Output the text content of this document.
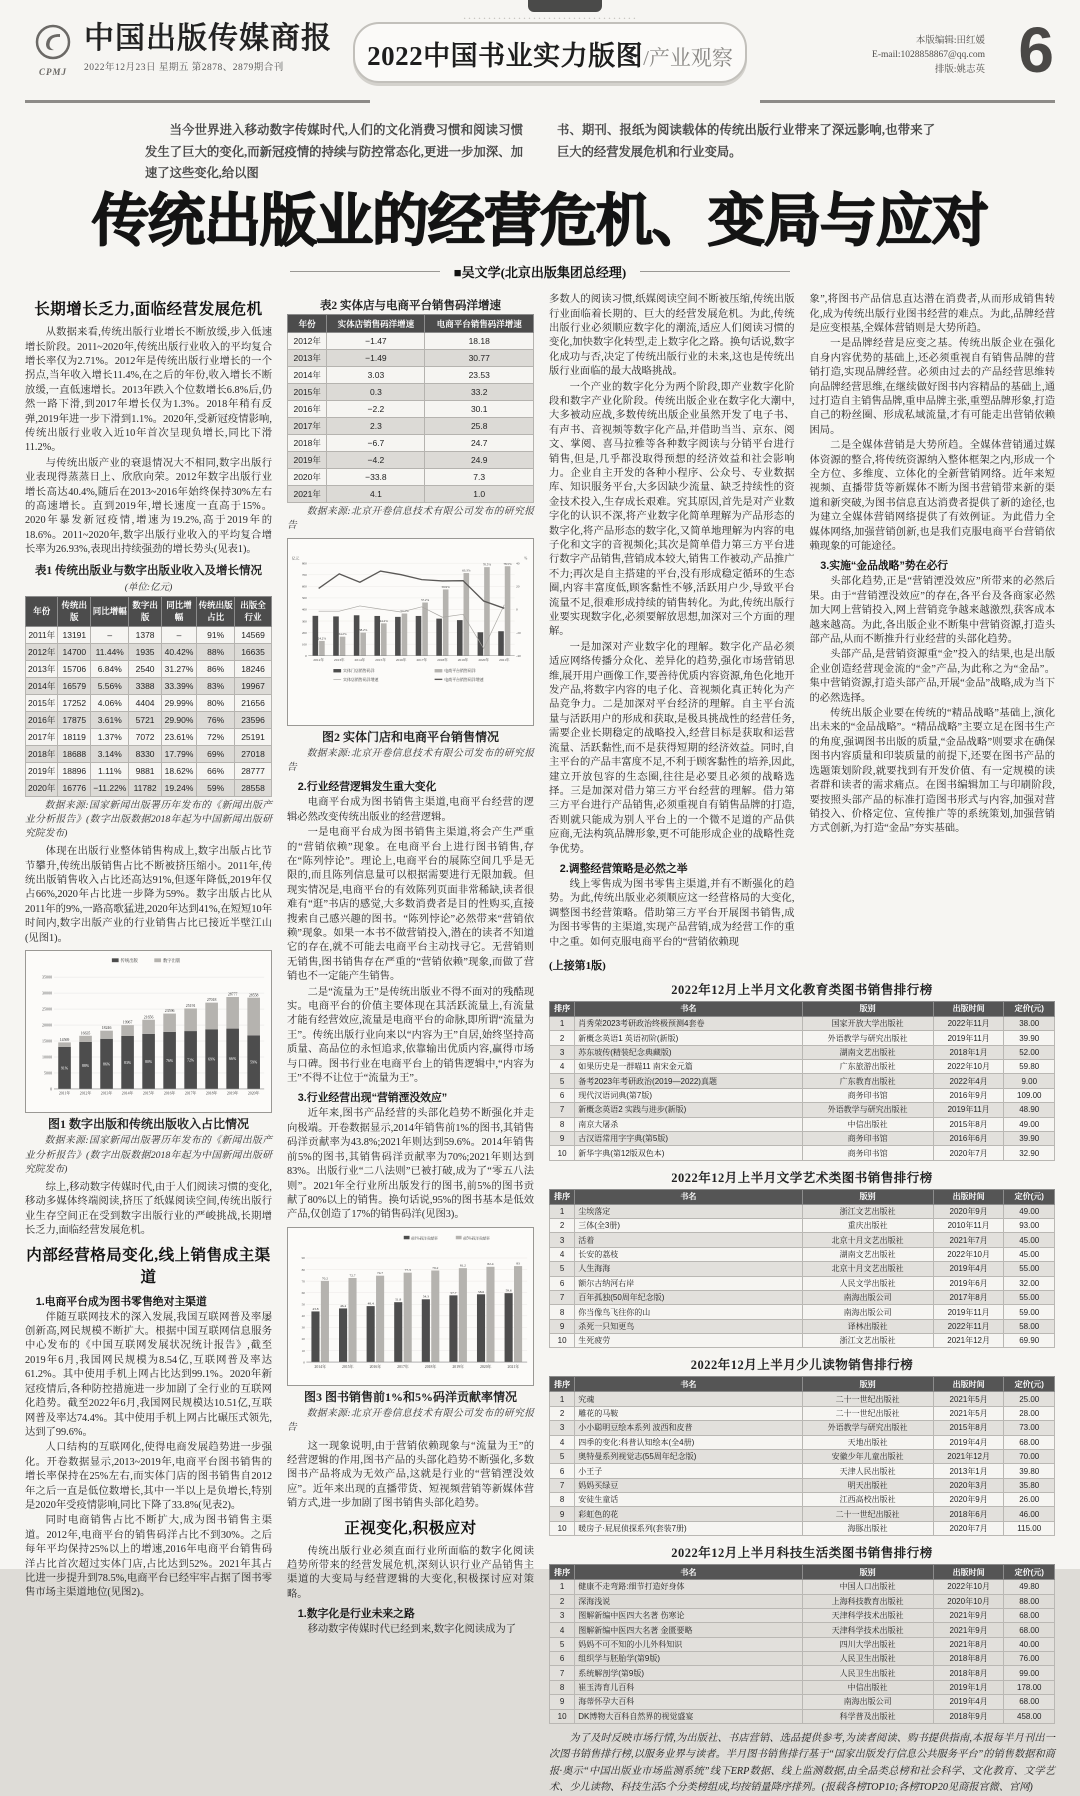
CPMJ
中国出版传媒商报
2022年12月23日 星期五 第2878、2879期合刊	····· 2022中国书业实力版图/产业观察
本版编辑:田红媛
E-mail:1028858867@qq.com
排版:姚志英 6

当今世界进入移动数字传媒时代,人们的文化消费习惯和阅读习惯发生了巨大的变化,而新冠疫情的持续与防控常态化,更进一步加深、加速了这些变化,给以图

书、期刊、报纸为阅读载体的传统出版行业带来了深远影响,也带来了巨大的经营发展危机和行业变局。

传统出版业的经营危机、变局与应对
■吴文学(北京出版集团总经理)
长期增长乏力,面临经营发展危机

从数据来看,传统出版行业增长不断放缓,步入低速增长阶段。2011~2020年,传统出版行业收入的平均复合增长率仅为2.71%。2012年是传统出版行业增长的一个拐点,当年收入增长11.4%,在之后的年份,收入增长不断放缓,一直低速增长。2013年跌入个位数增长6.8%后,仍然一路下滑,到2017年增长仅为1.3%。2018年稍有反弹,2019年进一步下滑到1.1%。2020年,受新冠疫情影响,传统出版行业收入近10年首次呈现负增长,同比下滑11.2%。

与传统出版产业的衰退情况大不相同,数字出版行业表现得蒸蒸日上、欣欣向荣。2012年数字出版行业增长高达40.4%,随后在2013~2016年始终保持30%左右的高速增长。直到2019年,增长速度一直高于15%。2020年暴发新冠疫情,增速为19.2%,高于2019年的18.6%。2011~2020年,数字出版行业收入的平均复合增长率为26.93%,表现出持续强劲的增长势头(见表1)。

表1 传统出版业与数字出版业收入及增长情况
(单位:亿元)
年份	传统出版	同比增幅	数字出版	同比增幅	传统出版占比	出版全行业
2011年	13191	–	1378	–	91%	14569
2012年	14700	11.44%	1935	40.42%	88%	16635
2013年	15706	6.84%	2540	31.27%	86%	18246
2014年	16579	5.56%	3388	33.39%	83%	19967
2015年	17252	4.06%	4404	29.99%	80%	21656
2016年	17875	3.61%	5721	29.90%	76%	23596
2017年	18119	1.37%	7072	23.61%	72%	25191
2018年	18688	3.14%	8330	17.79%	69%	27018
2019年	18896	1.11%	9881	18.62%	66%	28777
2020年	16776	−11.22%	11782	19.24%	59%	28558
数据来源:国家新闻出版署历年发布的《新闻出版产业分析报告》(数字出版数据2018年起为中国新闻出版研究院发布)

体现在出版行业整体销售构成上,数字出版占比节节攀升,传统出版销售占比不断被挤压缩小。2011年,传统出版销售收入占比还高达91%,但逐年降低,2019年仅占66%,2020年占比进一步降为59%。数字出版占比从2011年的9%,一路高歌猛进,2020年达到41%,在短短10年时间内,数字出版产业的行业销售占比已接近半壁江山(见图1)。

0
5000
10000
15000
20000
25000
30000
35000
传统出版	数字出版
14569
91%
2011年
16635
88%
2012年
18246
86%
2013年
19967
83%
2014年
21656
80%
2015年
23596
76%
2016年
25191
72%
2017年
27018
69%
2018年
28777
66%
2019年
28558
59%
2020年
图1 数字出版和传统出版收入占比情况
数据来源:国家新闻出版署历年发布的《新闻出版产业分析报告》(数字出版数据2018年起为中国新闻出版研究院发布)

综上,移动数字传媒时代,由于人们阅读习惯的变化,移动多媒体终端阅读,挤压了纸媒阅读空间,传统出版行业生存空间正在受到数字出版行业的严峻挑战,长期增长乏力,面临经营发展危机。

内部经营格局变化,线上销售成主渠道
1.电商平台成为图书零售绝对主渠道

伴随互联网技术的深入发展,我国互联网普及率屡创新高,网民规模不断扩大。根据中国互联网信息服务中心发布的《中国互联网发展状况统计报告》,截至2019年6月,我国网民规模为8.54亿,互联网普及率达61.2%。其中使用手机上网占比达到99.1%。2020年新冠疫情后,各种防控措施进一步加剧了全行业的互联网化趋势。截至2022年6月,我国网民规模达10.51亿,互联网普及率达74.4%。其中使用手机上网占比碾压式领先,达到了99.6%。

人口结构的互联网化,使得电商发展趋势进一步强化。开卷数据显示,2013~2019年,电商平台图书销售的增长率保持在25%左右,而实体门店的图书销售自2012年之后一直是低位数增长,其中一半以上是负增长,特别是2020年受疫情影响,同比下降了33.8%(见表2)。

同时电商销售占比不断扩大,成为图书销售主渠道。2012年,电商平台的销售码洋占比不到30%。之后每年平均保持25%以上的增速,2016年电商平台销售码洋占比首次超过实体门店,占比达到52%。2021年其占比进一步提升到78.5%,电商平台已经牢牢占据了图书零售市场主渠道地位(见图2)。

表2 实体店与电商平台销售码洋增速
年份	实体店销售码洋增速	电商平台销售码洋增速
2012年	−1.47	18.18
2013年	−1.49	30.77
2014年	3.03	23.53
2015年	0.3	33.2
2016年	−2.2	30.1
2017年	2.3	25.8
2018年	−6.7	24.7
2019年	−4.2	24.9
2020年	−33.8	7.3
2021年	4.1	1.0
数据来源:北京开卷信息技术有限公司发布的研究报告
0
100
200
300
400
500
600
700
800
-40
-20
0
20
40
亿元	%
24.2%
2012年
34.2%
2013年
38.2%
2014年
44.2%
2015年
52.1%
2016年
57.2%
2017年
59.9%
2018年
63.3%
2019年
70.5%
2020年
78.5%
2021年
实体门店销售码洋	电商平台销售码洋
实体店销售码洋增速	电商平台销售码洋增速
图2 实体门店和电商平台销售情况
数据来源:北京开卷信息技术有限公司发布的研究报告
2.行业经营逻辑发生重大变化

电商平台成为图书销售主渠道,电商平台经营的逻辑必然改变传统出版业的经营逻辑。

一是电商平台成为图书销售主渠道,将会产生严重的“营销依赖”现象。在电商平台上进行图书销售,存在“陈列悖论”。理论上,电商平台的展陈空间几乎是无限的,而且陈列信息量可以根据需要进行无限加载。但现实情况是,电商平台的有效陈列页面非常稀缺,读者很难有“逛”书店的感觉,大多数消费者是目的性购买,直接搜索自己感兴趣的图书。“陈列悖论”必然带来“营销依赖”现象。如果一本书不做营销投入,潜在的读者不知道它的存在,就不可能去电商平台主动找寻它。无营销则无销售,图书销售存在严重的“营销依赖”现象,而做了营销也不一定能产生销售。

二是“流量为王”是传统出版业不得不面对的残酷现实。电商平台的价值主要体现在其活跃流量上,有流量才能有经营效应,流量是电商平台的命脉,即所谓“流量为王”。传统出版行业向来以“内容为王”自居,始终坚持高质量、高品位的永恒追求,依靠输出优质内容,赢得市场与口碑。图书行业在电商平台上的销售逻辑中,“内容为王”不得不让位于“流量为王”。

3.行业经营出现“营销湮没效应”

近年来,图书产品经营的头部化趋势不断强化并走向极端。开卷数据显示,2014年销售前1%的图书,其销售码洋贡献率为43.8%;2021年则达到59.6%。2014年销售前5%的图书,其销售码洋贡献率为70%;2021年则达到83%。出版行业“二八法则”已被打破,成为了“零五八法则”。2021年全行业所出版发行的图书,前5%的图书贡献了80%以上的销售。换句话说,95%的图书基本是低效产品,仅创造了17%的销售码洋(见图3)。

0
10
20
30
40
50
60
70
80
90
前1%码洋贡献率	前5%码洋贡献率
43.8
70.2
2014年
46.4
72.7
2015年
48.4
74.7
2016年
51.8
77.3
2017年
54.3
79.2
2018年
57.7
81.2
2019年
58.6
82.4
2020年
59.6
83
2021年
图3 图书销售前1%和5%码洋贡献率情况
数据来源:北京开卷信息技术有限公司发布的研究报告

这一现象说明,由于营销依赖现象与“流量为王”的经营逻辑的作用,图书产品的头部化趋势不断强化,多数图书产品将成为无效产品,这就是行业的“营销湮没效应”。近年来出现的直播带货、短视频营销等新媒体营销方式,进一步加剧了图书销售头部化趋势。

正视变化,积极应对

传统出版行业必须直面行业所面临的数字化阅读趋势所带来的经营发展危机,深刻认识行业产品销售主渠道的大变局与经营逻辑的大变化,积极探讨应对策略。

1.数字化是行业未来之路

移动数字传媒时代已经到来,数字化阅读成为了

多数人的阅读习惯,纸媒阅读空间不断被压缩,传统出版行业面临着长期的、巨大的经营发展危机。为此,传统出版行业必须顺应数字化的潮流,适应人们阅读习惯的变化,加快数字化转型,走上数字化之路。换句话说,数字化成功与否,决定了传统出版行业的未来,这也是传统出版行业面临的最大战略挑战。

一个产业的数字化分为两个阶段,即产业数字化阶段和数字产业化阶段。传统出版企业在数字化大潮中,大多被动应战,多数传统出版企业虽然开发了电子书、有声书、音视频等数字化产品,并借助当当、京东、阅文、掌阅、喜马拉雅等各种数字阅读与分销平台进行销售,但是,几乎都没取得预想的经济效益和社会影响力。企业自主开发的各种小程序、公众号、专业数据库、知识服务平台,大多因缺少流量、缺乏持续性的资金技术投入,生存成长艰难。究其原因,首先是对产业数字化的认识不深,将产业数字化简单理解为产品形态的数字化,将产品形态的数字化,又简单地理解为内容的电子化和文字的音视频化;其次是简单借力第三方平台进行数字产品销售,营销成本较大,销售工作被动,产品推广不力;再次是自主搭建的平台,没有形成稳定循环的生态圈,内容丰富度低,顾客黏性不够,活跃用户少,导致平台流量不足,很难形成持续的销售转化。为此,传统出版行业要实现数字化,必须要解放思想,加深对三个方面的理解。

一是加深对产业数字化的理解。数字化产品必须适应网络传播分众化、差异化的趋势,强化市场营销思维,展开用户画像工作,要善待优质内容资源,角色化地开发产品,将数字内容的电子化、音视频化真正转化为产品竞争力。二是加深对平台经济的理解。自主平台流量与活跃用户的形成和获取,是极具挑战性的经营任务,需要企业长期稳定的战略投入,经营目标是获取和运营流量、活跃黏性,而不是获得短期的经济效益。同时,自主平台的产品丰富度不足,不利于顾客黏性的培养,因此,建立开放包容的生态圈,往往是必要且必须的战略选择。三是加深对借力第三方平台经营的理解。借力第三方平台进行产品销售,必须重视自有销售品牌的打造,否则就只能成为别人平台上的一个微不足道的产品供应商,无法构筑品牌形象,更不可能形成企业的战略性竞争优势。

2.调整经营策略是必然之举

线上零售成为图书零售主渠道,并有不断强化的趋势。为此,传统出版业必须顺应这一经营格局的大变化,调整图书经营策略。借助第三方平台开展图书销售,成为图书零售的主渠道,实现产品营销,成为经营工作的重中之重。如何克服电商平台的“营销依赖现

象”,将图书产品信息直达潜在消费者,从而形成销售转化,成为传统出版行业图书经营的难点。为此,品牌经营是应变根基,全媒体营销则是大势所趋。

一是品牌经营是应变之基。传统出版企业在强化自身内容优势的基础上,还必须重视自有销售品牌的营销打造,实现品牌经营。必须由过去的产品经营思维转向品牌经营思维,在继续做好图书内容精品的基础上,通过打造自主销售品牌,重申品牌主张,重塑品牌形象,打造自己的粉丝圈、形成私域流量,才有可能走出营销依赖困局。

二是全媒体营销是大势所趋。全媒体营销通过媒体资源的整合,将传统资源纳入整体框架之内,形成一个全方位、多维度、立体化的全新营销网络。近年来短视频、直播带货等新媒体不断为图书营销带来新的渠道和新突破,为图书信息直达消费者提供了新的途径,也为建立全媒体营销网络提供了有效例证。为此借力全媒体网络,加强营销创新,也是我们克服电商平台营销依赖现象的可能途径。

3.实施“金品战略”势在必行

头部化趋势,正是“营销湮没效应”所带来的必然后果。由于“营销湮没效应”的存在,各平台及各商家必然加大网上营销投入,网上营销竞争越来越激烈,获客成本越来越高。为此,各出版企业不断集中营销资源,打造头部产品,从而不断推升行业经营的头部化趋势。

头部产品,是营销资源重“金”投入的结果,也是出版企业创造经营现金流的“金”产品,为此称之为“金品”。集中营销资源,打造头部产品,开展“金品”战略,成为当下的必然选择。

传统出版企业要在传统的“精品战略”基础上,演化出未来的“金品战略”。“精品战略”主要立足在图书生产的角度,强调图书出版的质量,“金品战略”则要求在确保图书内容质量和印装质量的前提下,还要在图书产品的选题策划阶段,就要找到有开发价值、有一定规模的读者群和读者的需求痛点。在图书编辑加工与印刷阶段,要按照头部产品的标准打造图书形式与内容,加强对营销投入、价格定位、宣传推广等的系统策划,加强营销方式创新,为打造“金品”夯实基础。

(上接第1版)
2022年12月上半月文化教育类图书销售排行榜
排序	书名	版别	出版时间	定价(元)
1	肖秀荣2023考研政治终极预测4套卷	国家开放大学出版社	2022年11月	38.00
2	新概念英语1 英语初阶(新版)	外语教学与研究出版社	2019年11月	39.90
3	苏东坡传(精装纪念典藏版)	湖南文艺出版社	2018年1月	52.00
4	如果历史是一群喵11 南宋金元篇	广东旅游出版社	2022年10月	59.80
5	备考2023年考研政治(2019—2022)真题	广东教育出版社	2022年4月	9.00
6	现代汉语词典(第7版)	商务印书馆	2016年9月	109.00
7	新概念英语2 实践与进步(新版)	外语教学与研究出版社	2019年11月	48.90
8	南京大屠杀	中信出版社	2015年8月	49.00
9	古汉语常用字字典(第5版)	商务印书馆	2016年6月	39.90
10	新华字典(第12版双色本)	商务印书馆	2020年7月	32.90
2022年12月上半月文学艺术类图书销售排行榜
排序	书名	版别	出版时间	定价(元)
1	尘埃落定	浙江文艺出版社	2020年9月	49.00
2	三体(全3册)	重庆出版社	2010年11月	93.00
3	活着	北京十月文艺出版社	2021年7月	45.00
4	长安的荔枝	湖南文艺出版社	2022年10月	45.00
5	人生海海	北京十月文艺出版社	2019年4月	55.00
6	额尔古纳河右岸	人民文学出版社	2019年6月	32.00
7	百年孤独(50周年纪念版)	南海出版公司	2017年8月	55.00
8	你当像鸟飞往你的山	南海出版公司	2019年11月	59.00
9	杀死一只知更鸟	译林出版社	2022年11月	58.00
10	生死疲劳	浙江文艺出版社	2021年12月	69.90
2022年12月上半月少儿读物销售排行榜
排序	书名	版别	出版时间	定价(元)
1	究魂	二十一世纪出版社	2021年5月	25.00
2	雕花的马鞍	二十一世纪出版社	2021年5月	28.00
3	小小聪明豆绘本系列 波西和皮普	外语教学与研究出版社	2015年8月	73.00
4	四季的变化:科普认知绘本(全4册)	天地出版社	2019年4月	68.00
5	奥特曼系列视觉志(55周年纪念版)	安徽少年儿童出版社	2021年12月	70.00
6	小王子	天津人民出版社	2013年1月	39.80
7	妈妈买绿豆	明天出版社	2020年3月	35.80
8	安徒生童话	江西高校出版社	2020年9月	26.00
9	彩虹色的花	二十一世纪出版社	2018年6月	46.00
10	暖房子·屁屁侦探系列(套装7册)	海豚出版社	2020年7月	115.00
2022年12月上半月科技生活类图书销售排行榜
排序	书名	版别	出版时间	定价(元)
1	健康不走弯路:细节打造好身体	中国人口出版社	2022年10月	49.80
2	深海浅说	上海科技教育出版社	2020年10月	88.00
3	图解新编中医四大名著 伤寒论	天津科学技术出版社	2021年9月	68.00
4	图解新编中医四大名著 金匮要略	天津科学技术出版社	2021年9月	68.00
5	妈妈不可不知的小儿外科知识	四川大学出版社	2021年8月	40.00
6	组织学与胚胎学(第9版)	人民卫生出版社	2018年8月	76.00
7	系统解剖学(第9版)	人民卫生出版社	2018年8月	99.00
8	崔玉涛育儿百科	中信出版社	2019年1月	178.00
9	海蒂怀孕大百科	南海出版公司	2019年4月	68.00
10	DK博物大百科自然界的视觉盛宴	科学普及出版社	2018年9月	458.00
为了及时反映市场行情,为出版社、书店营销、选品提供参考,为读者阅读、购书提供指南,本报每半月刊出一次图书销售排行榜,以服务业界与读者。半月图书销售排行基于“国家出版发行信息公共服务平台”的销售数据和商报·奥示“中国出版业市场监测系统”线下ERP数据、线上监测数据,由全品类总榜和社会科学、文化教育、文学艺术、少儿读物、科技生活5个分类榜组成,均按销量降序排列。(报载各榜TOP10;各榜TOP20见商报官微、官网)
